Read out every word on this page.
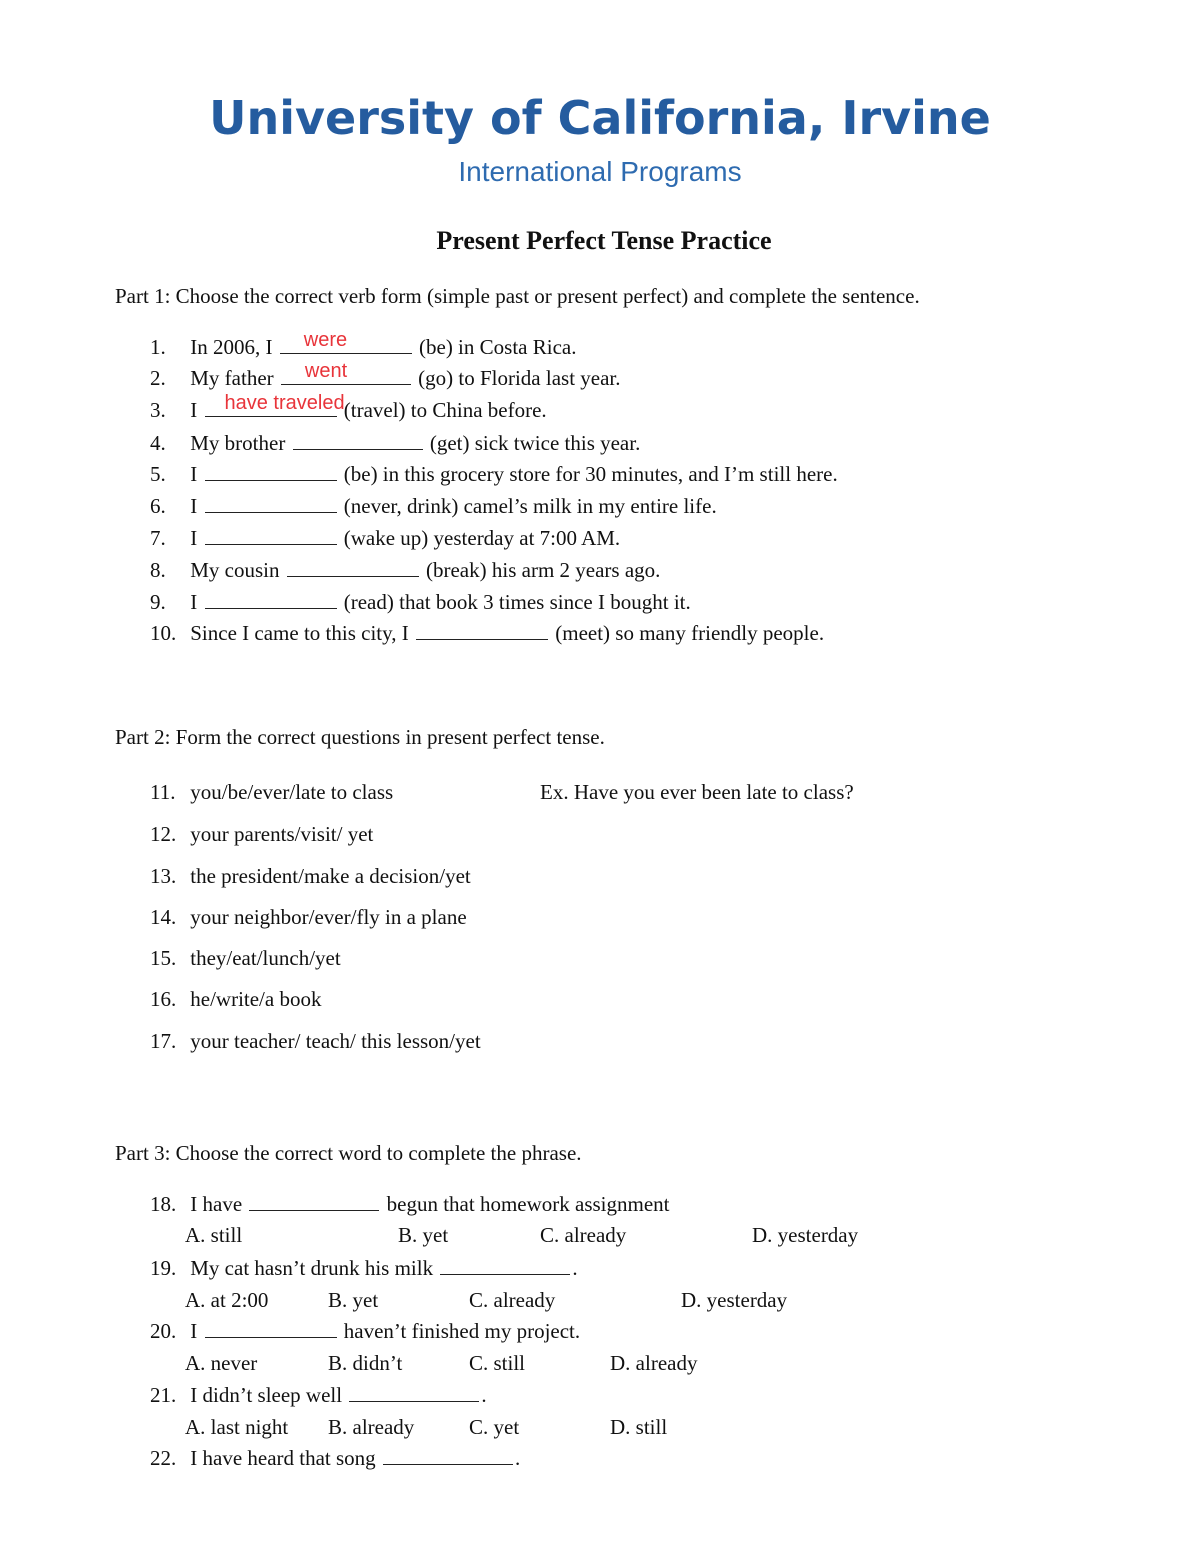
University of California, Irvine
International Programs
Present Perfect Tense Practice
Part 1: Choose the correct verb form (simple past or present perfect) and complete the sentence.
1. In 2006, I were	(be) in Costa Rica.
2. My father went	(go) to Florida last year.
3. I have traveled (travel) to China before.
4. My brother	(get) sick twice this year.
5. I	(be) in this grocery store for 30 minutes, and I’m still here.
6. I	(never, drink) camel’s milk in my entire life.
7. I	(wake up) yesterday at 7:00 AM.
8. My cousin	(break) his arm 2 years ago.
9. I	(read) that book 3 times since I bought it.
10. Since I came to this city, I	(meet) so many friendly people.
Part 2: Form the correct questions in present perfect tense.
11. you/be/ever/late to class	Ex. Have you ever been late to class?
12. your parents/visit/ yet
13. the president/make a decision/yet
14. your neighbor/ever/fly in a plane
15. they/eat/lunch/yet
16. he/write/a book
17. your teacher/ teach/ this lesson/yet
Part 3: Choose the correct word to complete the phrase.
18. I have	begun that homework assignment
A. still	B. yet	C. already	D. yesterday
19. My cat hasn’t drunk his milk	.
A. at 2:00	B. yet	C. already	D. yesterday
20. I	haven’t finished my project.
A. never	B. didn’t	C. still	D. already
21. I didn’t sleep well	.
A. last night B. already	C. yet	D. still
22. I have heard that song	.
